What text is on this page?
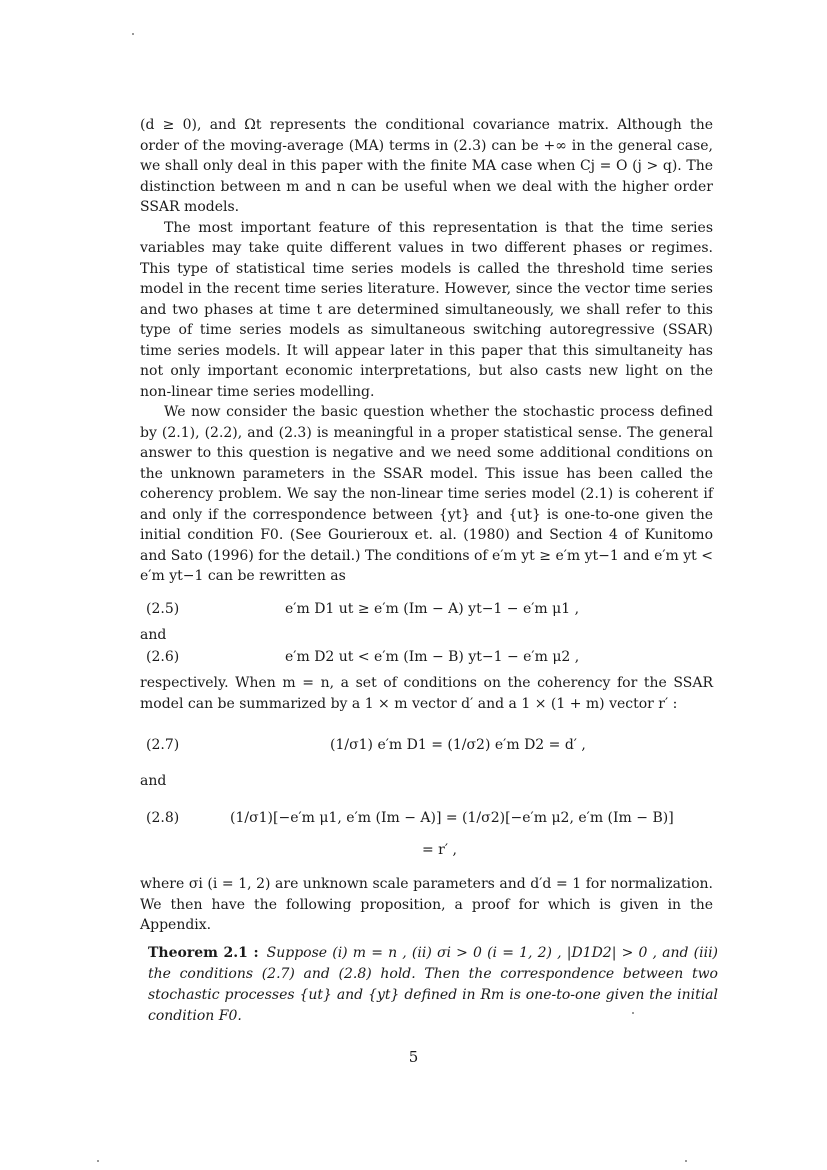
(d ≥ 0), and Ωt represents the conditional covariance matrix. Although the order of the moving-average (MA) terms in (2.3) can be +∞ in the general case, we shall only deal in this paper with the finite MA case when Cj = O (j > q). The distinction between m and n can be useful when we deal with the higher order SSAR models.

The most important feature of this representation is that the time series variables may take quite different values in two different phases or regimes. This type of statistical time series models is called the threshold time series model in the recent time series literature. However, since the vector time series and two phases at time t are determined simultaneously, we shall refer to this type of time series models as simultaneous switching autoregressive (SSAR) time series models. It will appear later in this paper that this simultaneity has not only important economic interpretations, but also casts new light on the non-linear time series modelling.

We now consider the basic question whether the stochastic process defined by (2.1), (2.2), and (2.3) is meaningful in a proper statistical sense. The general answer to this question is negative and we need some additional conditions on the unknown parameters in the SSAR model. This issue has been called the coherency problem. We say the non-linear time series model (2.1) is coherent if and only if the correspondence between {yt} and {ut} is one-to-one given the initial condition F0. (See Gourieroux et. al. (1980) and Section 4 of Kunitomo and Sato (1996) for the detail.) The conditions of e′m yt ≥ e′m yt−1 and e′m yt < e′m yt−1 can be rewritten as

(2.5)	e′m D1 ut ≥ e′m (Im − A) yt−1 − e′m μ1 ,
and
(2.6)	e′m D2 ut < e′m (Im − B) yt−1 − e′m μ2 ,

respectively. When m = n, a set of conditions on the coherency for the SSAR model can be summarized by a 1 × m vector d′ and a 1 × (1 + m) vector r′ :

(2.7)	(1/σ1) e′m D1 = (1/σ2) e′m D2 = d′ ,
and
(2.8)	(1/σ1)[−e′m μ1, e′m (Im − A)] = (1/σ2)[−e′m μ2, e′m (Im − B)]
= r′ ,

where σi (i = 1, 2) are unknown scale parameters and d′d = 1 for normalization. We then have the following proposition, a proof for which is given in the Appendix.

Theorem 2.1 : Suppose (i) m = n , (ii) σi > 0 (i = 1, 2) , |D1D2| > 0 , and (iii) the conditions (2.7) and (2.8) hold. Then the correspondence between two stochastic processes {ut} and {yt} defined in Rm is one-to-one given the initial condition F0.
5
